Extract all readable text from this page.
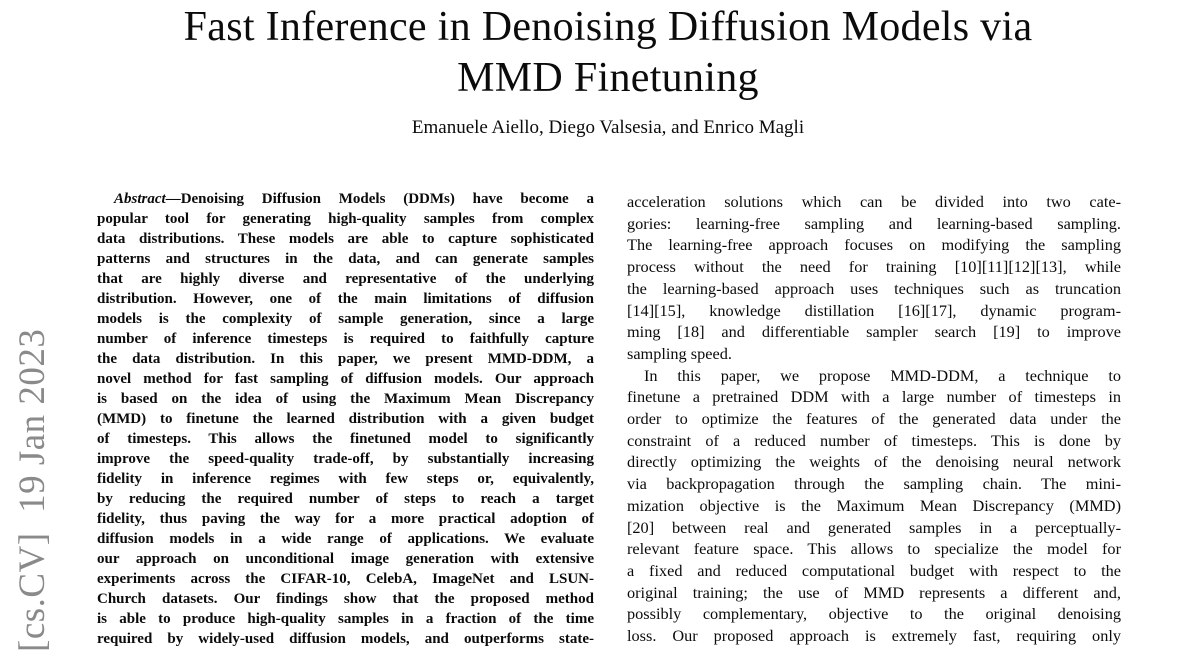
[cs.CV]  19 Jan 2023
Fast Inference in Denoising Diffusion Models via
MMD Finetuning
Emanuele Aiello, Diego Valsesia, and Enrico Magli
Abstract—Denoising Diffusion Models (DDMs) have become a
popular tool for generating high-quality samples from complex
data distributions. These models are able to capture sophisticated
patterns and structures in the data, and can generate samples
that are highly diverse and representative of the underlying
distribution. However, one of the main limitations of diffusion
models is the complexity of sample generation, since a large
number of inference timesteps is required to faithfully capture
the data distribution. In this paper, we present MMD-DDM, a
novel method for fast sampling of diffusion models. Our approach
is based on the idea of using the Maximum Mean Discrepancy
(MMD) to finetune the learned distribution with a given budget
of timesteps. This allows the finetuned model to significantly
improve the speed-quality trade-off, by substantially increasing
fidelity in inference regimes with few steps or, equivalently,
by reducing the required number of steps to reach a target
fidelity, thus paving the way for a more practical adoption of
diffusion models in a wide range of applications. We evaluate
our approach on unconditional image generation with extensive
experiments across the CIFAR-10, CelebA, ImageNet and LSUN-
Church datasets. Our findings show that the proposed method
is able to produce high-quality samples in a fraction of the time
required by widely-used diffusion models, and outperforms state-
acceleration solutions which can be divided into two cate-
gories: learning-free sampling and learning-based sampling.
The learning-free approach focuses on modifying the sampling
process without the need for training [10][11][12][13], while
the learning-based approach uses techniques such as truncation
[14][15], knowledge distillation [16][17], dynamic program-
ming [18] and differentiable sampler search [19] to improve
sampling speed.
In this paper, we propose MMD-DDM, a technique to
finetune a pretrained DDM with a large number of timesteps in
order to optimize the features of the generated data under the
constraint of a reduced number of timesteps. This is done by
directly optimizing the weights of the denoising neural network
via backpropagation through the sampling chain. The mini-
mization objective is the Maximum Mean Discrepancy (MMD)
[20] between real and generated samples in a perceptually-
relevant feature space. This allows to specialize the model for
a fixed and reduced computational budget with respect to the
original training; the use of MMD represents a different and,
possibly complementary, objective to the original denoising
loss. Our proposed approach is extremely fast, requiring only
